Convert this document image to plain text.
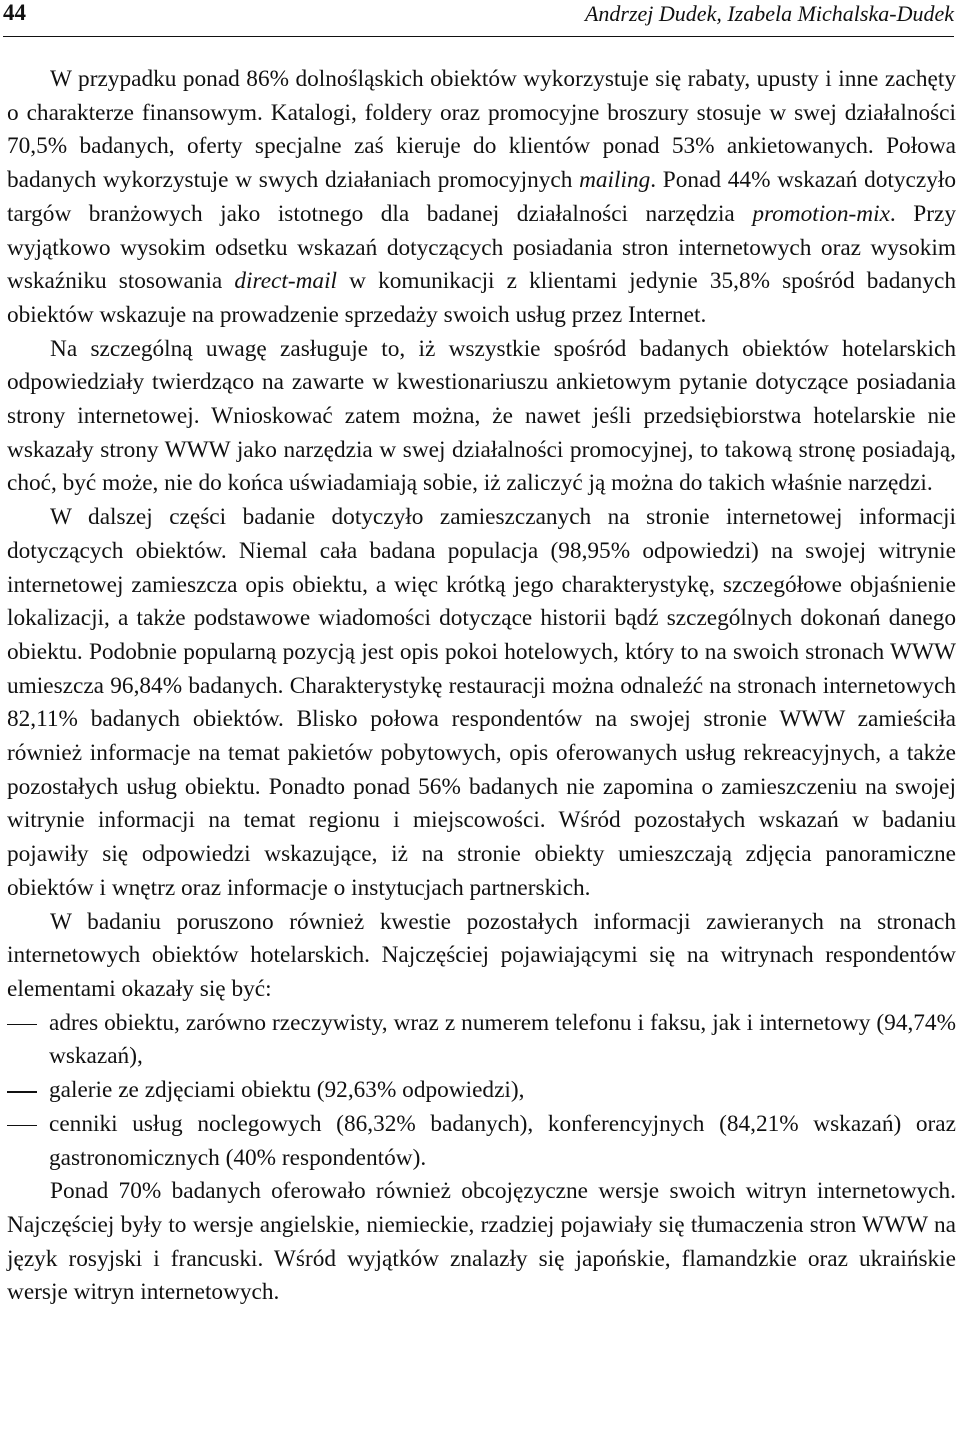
44	Andrzej Dudek, Izabela Michalska-Dudek

W przypadku ponad 86% dolnośląskich obiektów wykorzystuje się rabaty, upusty i inne zachęty o charakterze finansowym. Katalogi, foldery oraz promocyjne broszury stosuje w swej działalności 70,5% badanych, oferty specjalne zaś kieruje do klientów ponad 53% ankietowanych. Połowa badanych wykorzystuje w swych działaniach promocyjnych mailing. Ponad 44% wskazań dotyczyło targów branżowych jako istotnego dla badanej działalności narzędzia promotion-mix. Przy wyjątkowo wysokim odsetku wskazań dotyczących posiadania stron internetowych oraz wysokim wskaźniku stosowania direct-mail w komunikacji z klientami jedynie 35,8% spośród badanych obiektów wskazuje na prowadzenie sprzedaży swoich usług przez Internet.

Na szczególną uwagę zasługuje to, iż wszystkie spośród badanych obiektów hotelarskich odpowiedziały twierdząco na zawarte w kwestionariuszu ankietowym pytanie dotyczące posiadania strony internetowej. Wnioskować zatem można, że nawet jeśli przedsiębiorstwa hotelarskie nie wskazały strony WWW jako narzędzia w swej działalności promocyjnej, to takową stronę posiadają, choć, być może, nie do końca uświadamiają sobie, iż zaliczyć ją można do takich właśnie narzędzi.

W dalszej części badanie dotyczyło zamieszczanych na stronie internetowej informacji dotyczących obiektów. Niemal cała badana populacja (98,95% odpowiedzi) na swojej witrynie internetowej zamieszcza opis obiektu, a więc krótką jego charakterystykę, szczegółowe objaśnienie lokalizacji, a także podstawowe wiadomości dotyczące historii bądź szczególnych dokonań danego obiektu. Podobnie popularną pozycją jest opis pokoi hotelowych, który to na swoich stronach WWW umieszcza 96,84% badanych. Charakterystykę restauracji można odnaleźć na stronach internetowych 82,11% badanych obiektów. Blisko połowa respondentów na swojej stronie WWW zamieściła również informacje na temat pakietów pobytowych, opis oferowanych usług rekreacyjnych, a także pozostałych usług obiektu. Ponadto ponad 56% badanych nie zapomina o zamieszczeniu na swojej witrynie informacji na temat regionu i miejscowości. Wśród pozostałych wskazań w badaniu pojawiły się odpowiedzi wskazujące, iż na stronie obiekty umieszczają zdjęcia panoramiczne obiektów i wnętrz oraz informacje o instytucjach partnerskich.

W badaniu poruszono również kwestie pozostałych informacji zawieranych na stronach internetowych obiektów hotelarskich. Najczęściej pojawiającymi się na witrynach respondentów elementami okazały się być:

adres obiektu, zarówno rzeczywisty, wraz z numerem telefonu i faksu, jak i internetowy (94,74% wskazań),
galerie ze zdjęciami obiektu (92,63% odpowiedzi),
cenniki usług noclegowych (86,32% badanych), konferencyjnych (84,21% wskazań) oraz gastronomicznych (40% respondentów).

Ponad 70% badanych oferowało również obcojęzyczne wersje swoich witryn internetowych. Najczęściej były to wersje angielskie, niemieckie, rzadziej pojawiały się tłumaczenia stron WWW na język rosyjski i francuski. Wśród wyjątków znalazły się japońskie, flamandzkie oraz ukraińskie wersje witryn internetowych.
